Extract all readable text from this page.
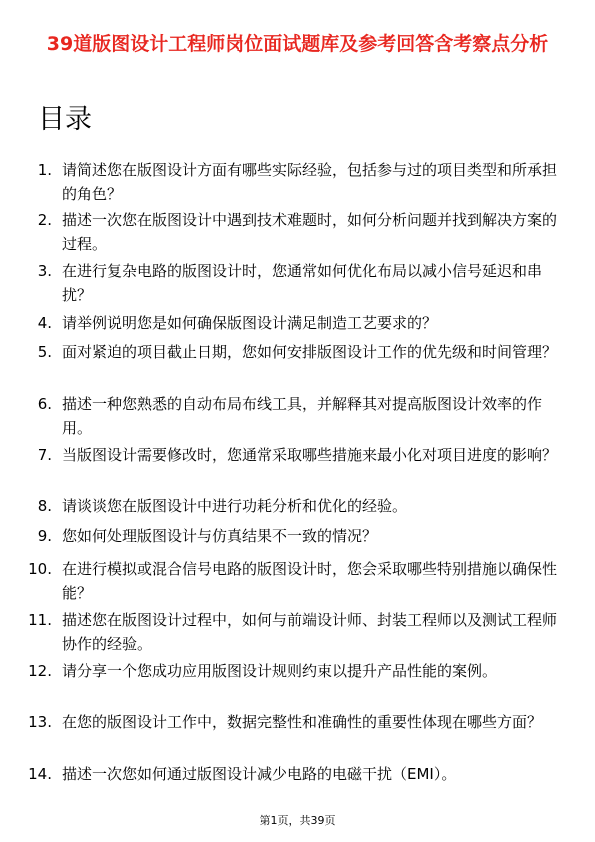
39道版图设计工程师岗位面试题库及参考回答含考察点分析
目录
1. 请简述您在版图设计方面有哪些实际经验，包括参与过的项目类型和所承担的角色？
2. 描述一次您在版图设计中遇到技术难题时，如何分析问题并找到解决方案的过程。
3. 在进行复杂电路的版图设计时，您通常如何优化布局以减小信号延迟和串扰？
4. 请举例说明您是如何确保版图设计满足制造工艺要求的？
5. 面对紧迫的项目截止日期，您如何安排版图设计工作的优先级和时间管理？
6. 描述一种您熟悉的自动布局布线工具，并解释其对提高版图设计效率的作用。
7. 当版图设计需要修改时，您通常采取哪些措施来最小化对项目进度的影响？
8. 请谈谈您在版图设计中进行功耗分析和优化的经验。
9. 您如何处理版图设计与仿真结果不一致的情况？
10. 在进行模拟或混合信号电路的版图设计时，您会采取哪些特别措施以确保性能？
11. 描述您在版图设计过程中，如何与前端设计师、封装工程师以及测试工程师协作的经验。
12. 请分享一个您成功应用版图设计规则约束以提升产品性能的案例。
13. 在您的版图设计工作中，数据完整性和准确性的重要性体现在哪些方面？
14. 描述一次您如何通过版图设计减少电路的电磁干扰（EMI）。
第1页，共39页
